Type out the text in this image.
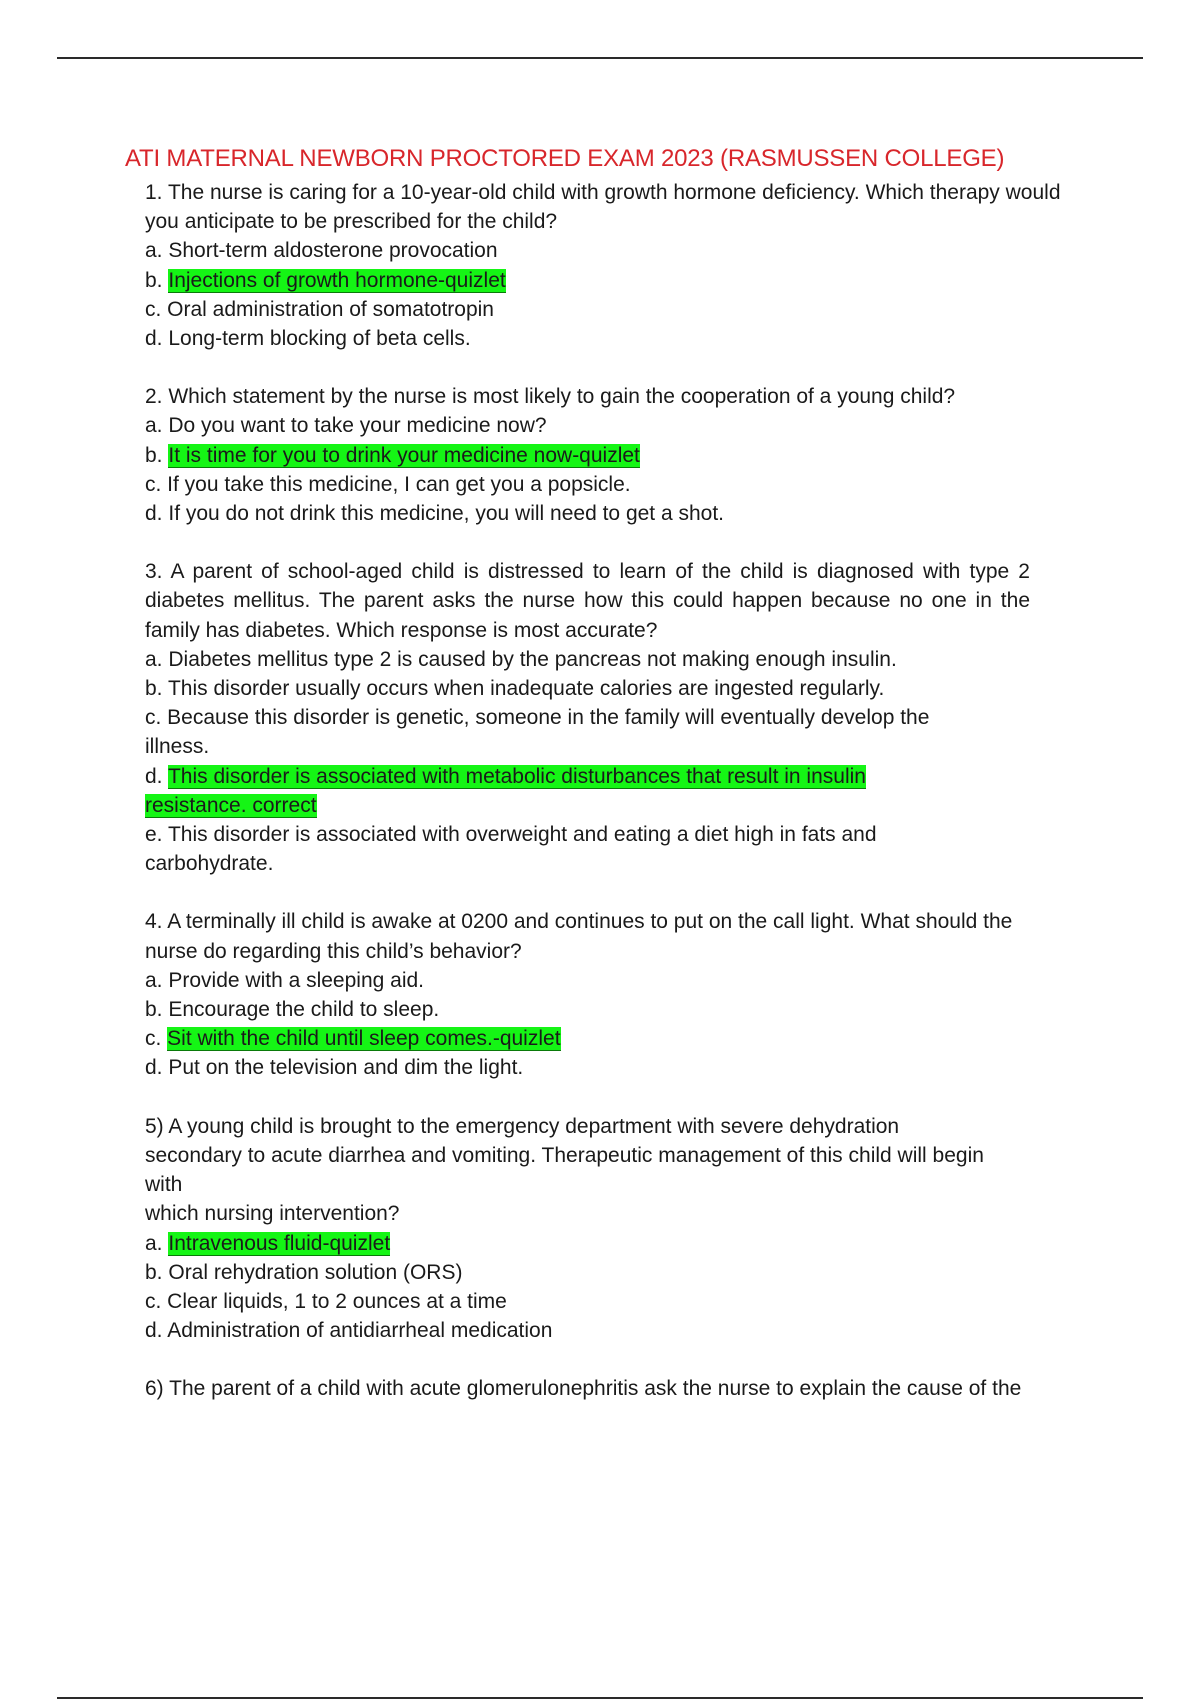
ATI MATERNAL NEWBORN PROCTORED EXAM 2023 (RASMUSSEN COLLEGE)
1. The nurse is caring for a 10-year-old child with growth hormone deficiency. Which therapy would you anticipate to be prescribed for the child?
a. Short-term aldosterone provocation
b. Injections of growth hormone-quizlet
c. Oral administration of somatotropin
d. Long-term blocking of beta cells.
2. Which statement by the nurse is most likely to gain the cooperation of a young child?
a. Do you want to take your medicine now?
b. It is time for you to drink your medicine now-quizlet
c. If you take this medicine, I can get you a popsicle.
d. If you do not drink this medicine, you will need to get a shot.
3. A parent of school-aged child is distressed to learn of the child is diagnosed with type 2 diabetes mellitus. The parent asks the nurse how this could happen because no one in the family has diabetes. Which response is most accurate?
a. Diabetes mellitus type 2 is caused by the pancreas not making enough insulin.
b. This disorder usually occurs when inadequate calories are ingested regularly.
c. Because this disorder is genetic, someone in the family will eventually develop the illness.
d. This disorder is associated with metabolic disturbances that result in insulin resistance. correct
e. This disorder is associated with overweight and eating a diet high in fats and carbohydrate.
4. A terminally ill child is awake at 0200 and continues to put on the call light. What should the nurse do regarding this child’s behavior?
a. Provide with a sleeping aid.
b. Encourage the child to sleep.
c. Sit with the child until sleep comes.-quizlet
d. Put on the television and dim the light.
5) A young child is brought to the emergency department with severe dehydration
secondary to acute diarrhea and vomiting. Therapeutic management of this child will begin
with
which nursing intervention?
a. Intravenous fluid-quizlet
b. Oral rehydration solution (ORS)
c. Clear liquids, 1 to 2 ounces at a time
d. Administration of antidiarrheal medication
6) The parent of a child with acute glomerulonephritis ask the nurse to explain the cause of the
